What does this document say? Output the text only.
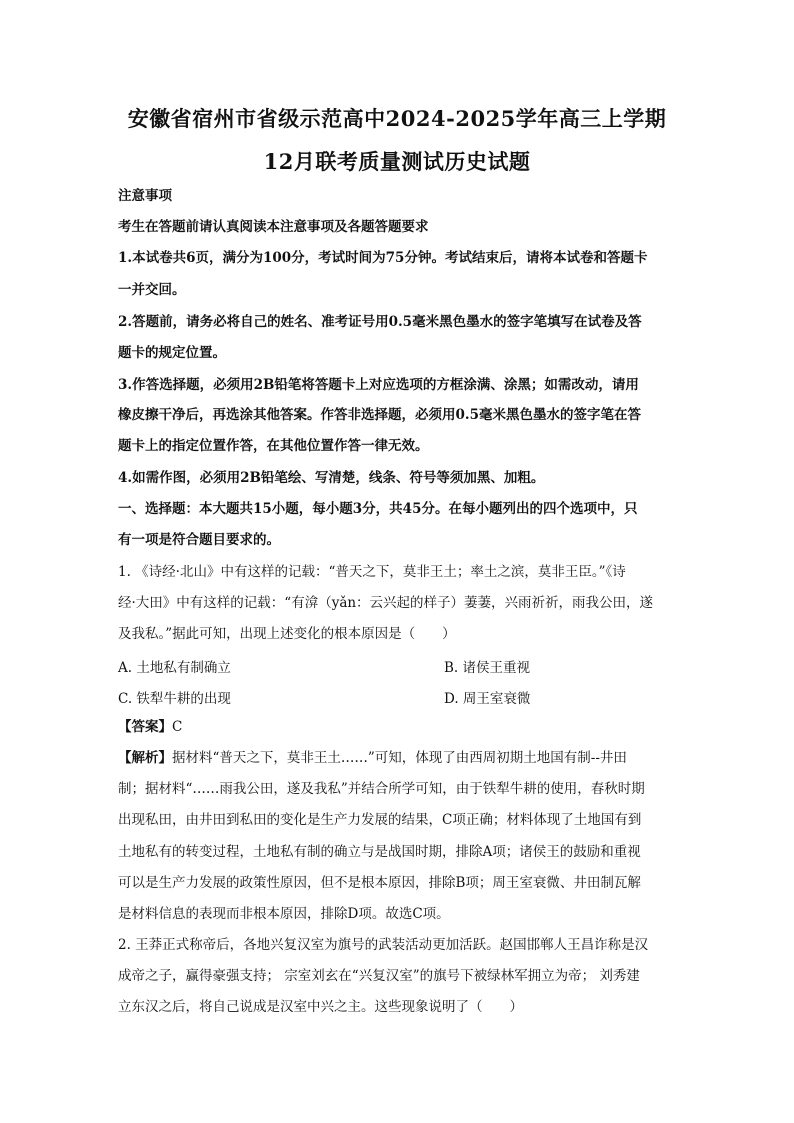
安徽省宿州市省级示范高中2024-2025学年高三上学期
12月联考质量测试历史试题
注意事项
考生在答题前请认真阅读本注意事项及各题答题要求
1.本试卷共6页，满分为100分，考试时间为75分钟。考试结束后，请将本试卷和答题卡
一并交回。
2.答题前，请务必将自己的姓名、准考证号用0.5毫米黑色墨水的签字笔填写在试卷及答
题卡的规定位置。
3.作答选择题，必须用2B铅笔将答题卡上对应选项的方框涂满、涂黑；如需改动，请用
橡皮擦干净后，再选涂其他答案。作答非选择题，必须用0.5毫米黑色墨水的签字笔在答
题卡上的指定位置作答，在其他位置作答一律无效。
4.如需作图，必须用2B铅笔绘、写清楚，线条、符号等须加黑、加粗。
一、选择题：本大题共15小题，每小题3分，共45分。在每小题列出的四个选项中，只
有一项是符合题目要求的。
1. 《诗经·北山》中有这样的记载：“普天之下，莫非王土；率土之滨，莫非王臣。”《诗
经·大田》中有这样的记载：“有渰（yǎn：云兴起的样子）萋萋，兴雨祈祈，雨我公田，遂
及我私。”据此可知，出现上述变化的根本原因是（　　）
A. 土地私有制确立	B. 诸侯王重视
C. 铁犁牛耕的出现	D. 周王室衰微
【答案】C
【解析】据材料“普天之下，莫非王土……”可知，体现了由西周初期土地国有制--井田
制；据材料“……雨我公田，遂及我私”并结合所学可知，由于铁犁牛耕的使用，春秋时期
出现私田，由井田到私田的变化是生产力发展的结果，C项正确；材料体现了土地国有到
土地私有的转变过程，土地私有制的确立与是战国时期，排除A项；诸侯王的鼓励和重视
可以是生产力发展的政策性原因，但不是根本原因，排除B项；周王室衰微、井田制瓦解
是材料信息的表现而非根本原因，排除D项。故选C项。
2. 王莽正式称帝后，各地兴复汉室为旗号的武装活动更加活跃。赵国邯郸人王昌诈称是汉
成帝之子，赢得豪强支持； 宗室刘玄在“兴复汉室”的旗号下被绿林军拥立为帝； 刘秀建
立东汉之后，将自己说成是汉室中兴之主。这些现象说明了（　　）
